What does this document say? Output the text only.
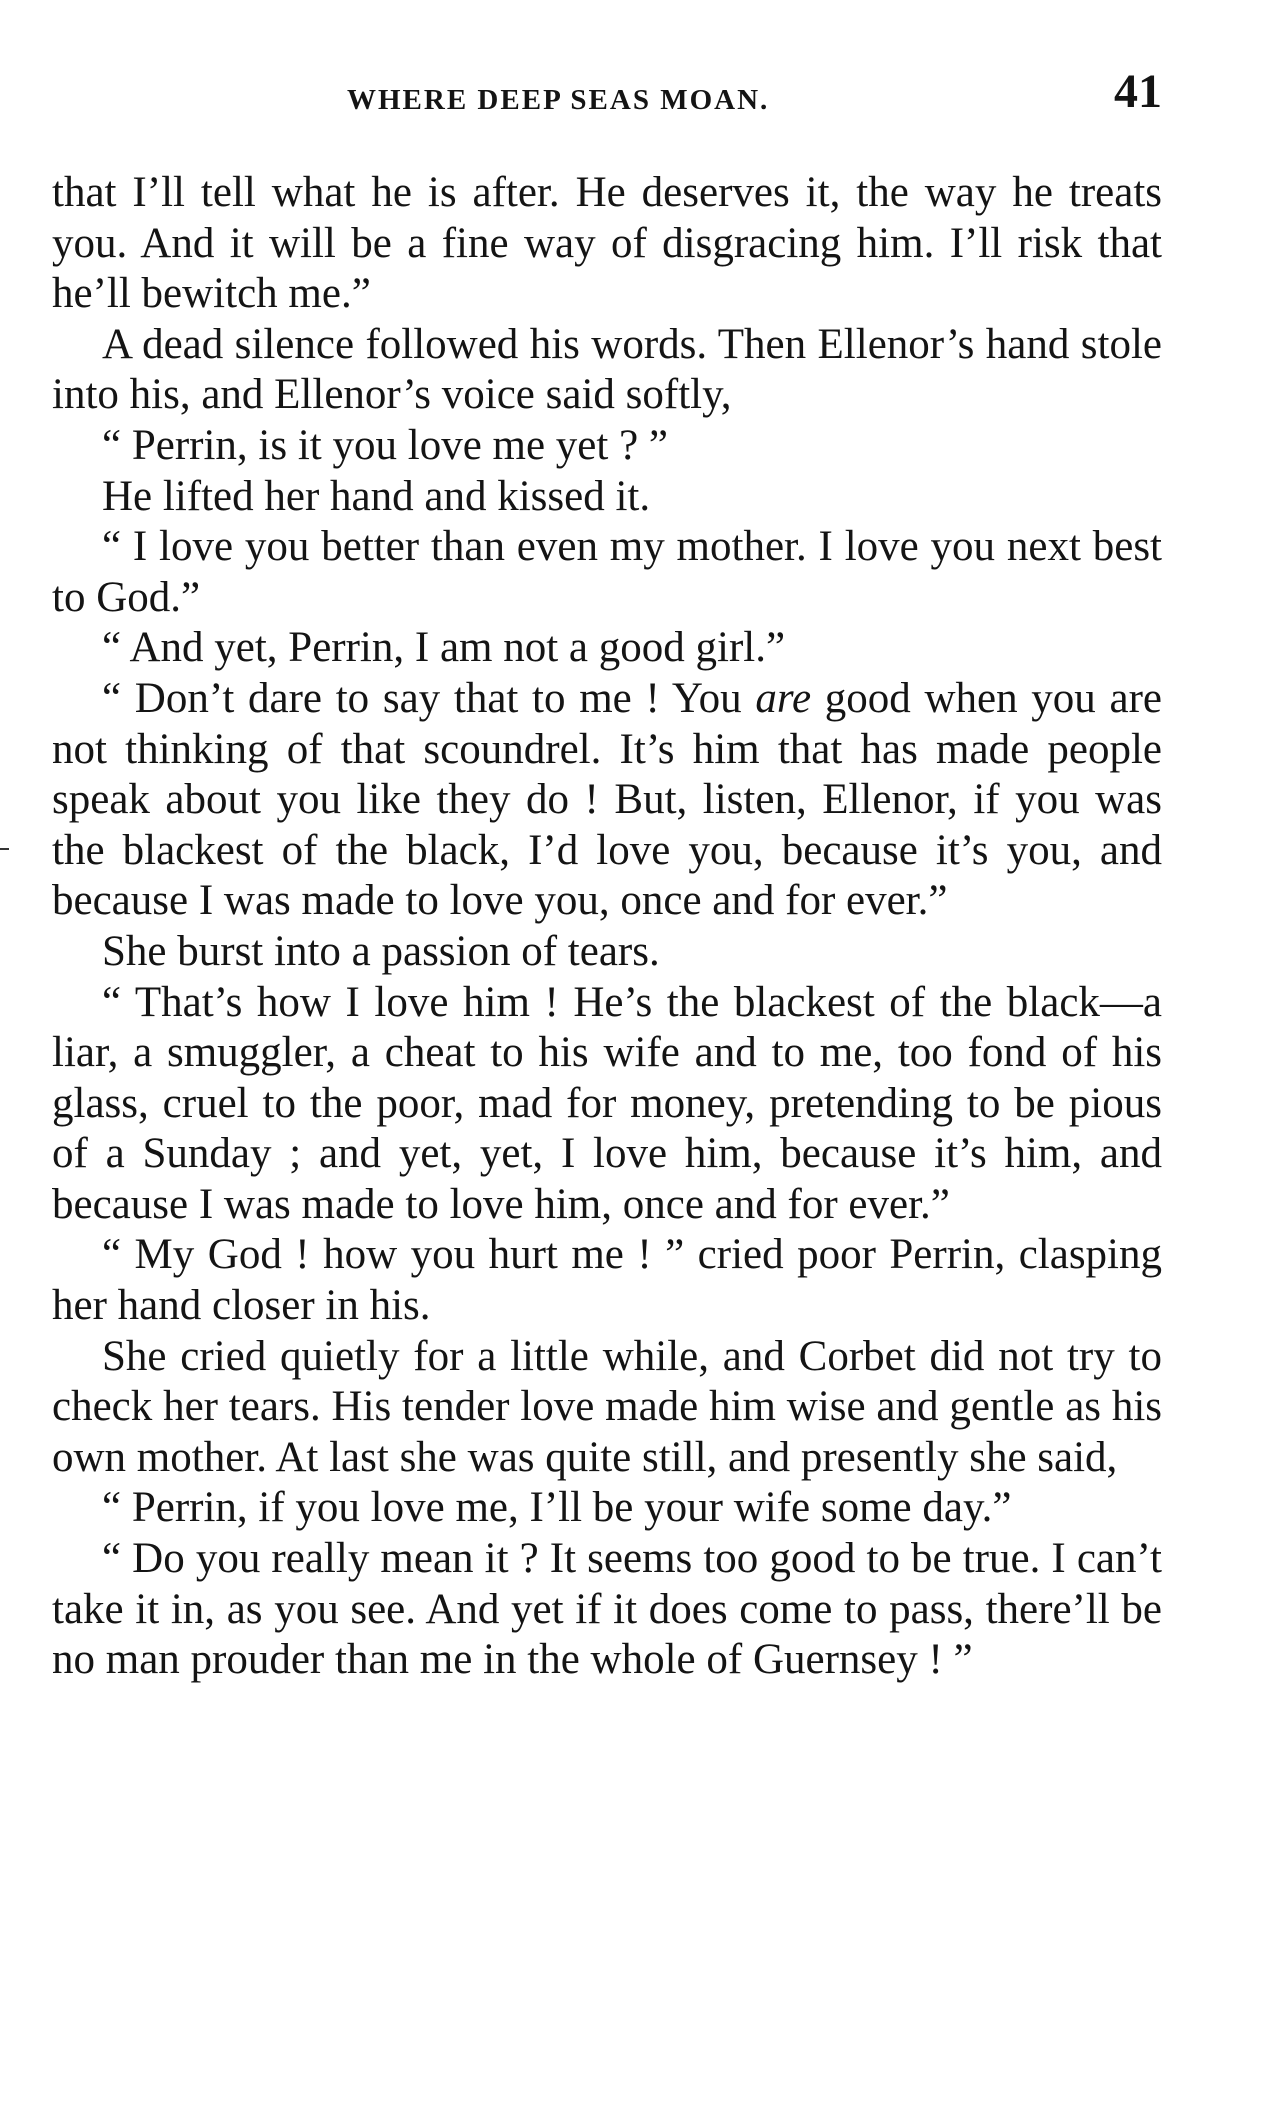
WHERE DEEP SEAS MOAN.	41

that I’ll tell what he is after. He deserves it, the way he treats you. And it will be a fine way of disgracing him. I’ll risk that he’ll bewitch me.”

A dead silence followed his words. Then Ellenor’s hand stole into his, and Ellenor’s voice said softly,

“ Perrin, is it you love me yet ? ”

He lifted her hand and kissed it.

“ I love you better than even my mother. I love you next best to God.”

“ And yet, Perrin, I am not a good girl.”

“ Don’t dare to say that to me ! You are good when you are not thinking of that scoundrel. It’s him that has made people speak about you like they do ! But, listen, Ellenor, if you was the blackest of the black, I’d love you, because it’s you, and because I was made to love you, once and for ever.”

She burst into a passion of tears.

“ That’s how I love him ! He’s the blackest of the black—a liar, a smuggler, a cheat to his wife and to me, too fond of his glass, cruel to the poor, mad for money, pretending to be pious of a Sunday ; and yet, yet, I love him, because it’s him, and because I was made to love him, once and for ever.”

“ My God ! how you hurt me ! ” cried poor Perrin, clasping her hand closer in his.

She cried quietly for a little while, and Corbet did not try to check her tears. His tender love made him wise and gentle as his own mother. At last she was quite still, and presently she said,

“ Perrin, if you love me, I’ll be your wife some day.”

“ Do you really mean it ? It seems too good to be true. I can’t take it in, as you see. And yet if it does come to pass, there’ll be no man prouder than me in the whole of Guernsey ! ”
